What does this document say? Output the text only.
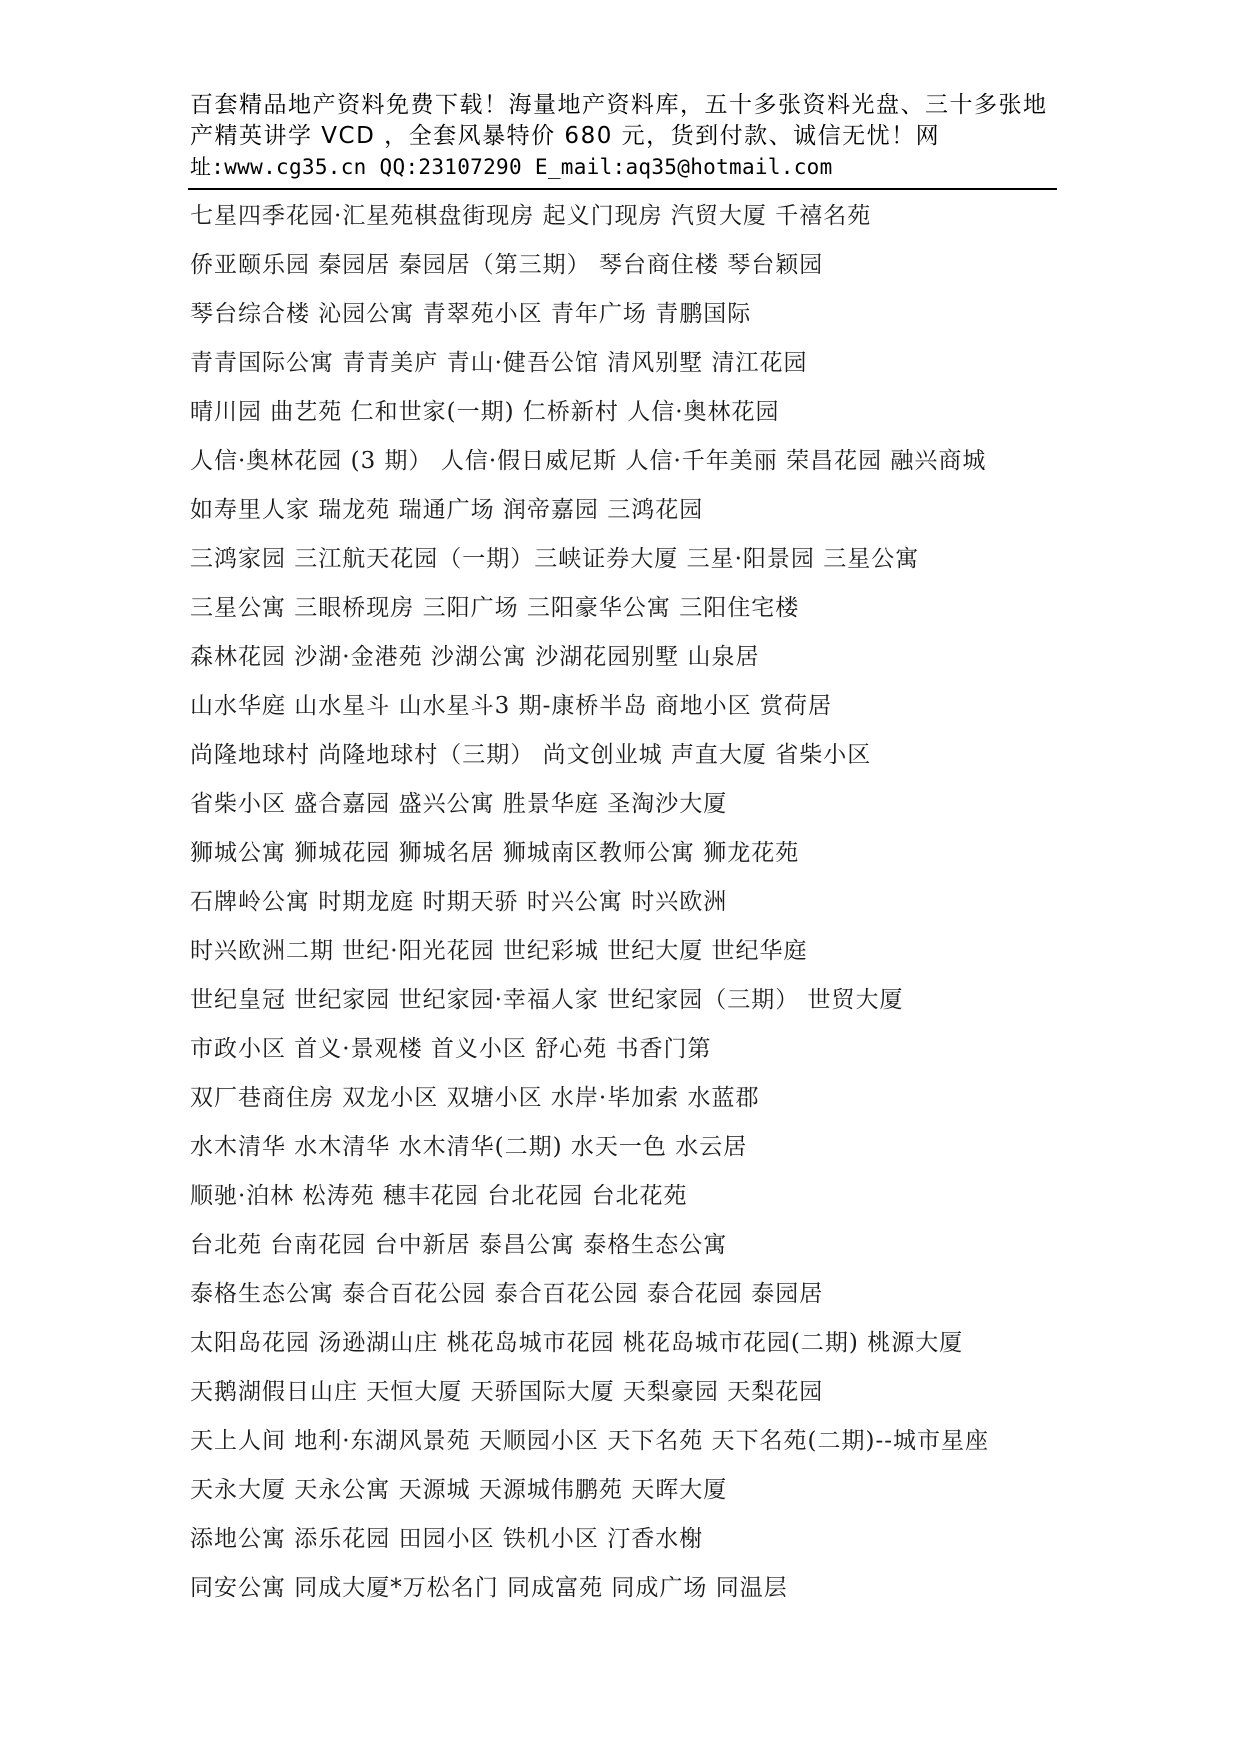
百套精品地产资料免费下载！海量地产资料库，五十多张资料光盘、三十多张地
产精英讲学 VCD ，全套风暴特价 680 元，货到付款、诚信无忧！网
址:www.cg35.cn QQ:23107290 E_mail:aq35@hotmail.com
七星四季花园·汇星苑棋盘街现房 起义门现房 汽贸大厦 千禧名苑
侨亚颐乐园 秦园居 秦园居（第三期） 琴台商住楼 琴台颖园
琴台综合楼 沁园公寓 青翠苑小区 青年广场 青鹏国际
青青国际公寓 青青美庐 青山·健吾公馆 清风别墅 清江花园
晴川园 曲艺苑 仁和世家(一期) 仁桥新村 人信·奥林花园
人信·奥林花园 (3 期） 人信·假日威尼斯 人信·千年美丽 荣昌花园 融兴商城
如寿里人家 瑞龙苑 瑞通广场 润帝嘉园 三鸿花园
三鸿家园 三江航天花园（一期）三峡证券大厦 三星·阳景园 三星公寓
三星公寓 三眼桥现房 三阳广场 三阳豪华公寓 三阳住宅楼
森林花园 沙湖·金港苑 沙湖公寓 沙湖花园别墅 山泉居
山水华庭 山水星斗 山水星斗3 期-康桥半岛 商地小区 赏荷居
尚隆地球村 尚隆地球村（三期） 尚文创业城 声直大厦 省柴小区
省柴小区 盛合嘉园 盛兴公寓 胜景华庭 圣淘沙大厦
狮城公寓 狮城花园 狮城名居 狮城南区教师公寓 狮龙花苑
石牌岭公寓 时期龙庭 时期天骄 时兴公寓 时兴欧洲
时兴欧洲二期 世纪·阳光花园 世纪彩城 世纪大厦 世纪华庭
世纪皇冠 世纪家园 世纪家园·幸福人家 世纪家园（三期） 世贸大厦
市政小区 首义·景观楼 首义小区 舒心苑 书香门第
双厂巷商住房 双龙小区 双塘小区 水岸·毕加索 水蓝郡
水木清华 水木清华 水木清华(二期) 水天一色 水云居
顺驰·泊林 松涛苑 穗丰花园 台北花园 台北花苑
台北苑 台南花园 台中新居 泰昌公寓 泰格生态公寓
泰格生态公寓 泰合百花公园 泰合百花公园 泰合花园 泰园居
太阳岛花园 汤逊湖山庄 桃花岛城市花园 桃花岛城市花园(二期) 桃源大厦
天鹅湖假日山庄 天恒大厦 天骄国际大厦 天梨豪园 天梨花园
天上人间 地利·东湖风景苑 天顺园小区 天下名苑 天下名苑(二期)--城市星座
天永大厦 天永公寓 天源城 天源城伟鹏苑 天晖大厦
添地公寓 添乐花园 田园小区 铁机小区 汀香水榭
同安公寓 同成大厦*万松名门 同成富苑 同成广场 同温层
